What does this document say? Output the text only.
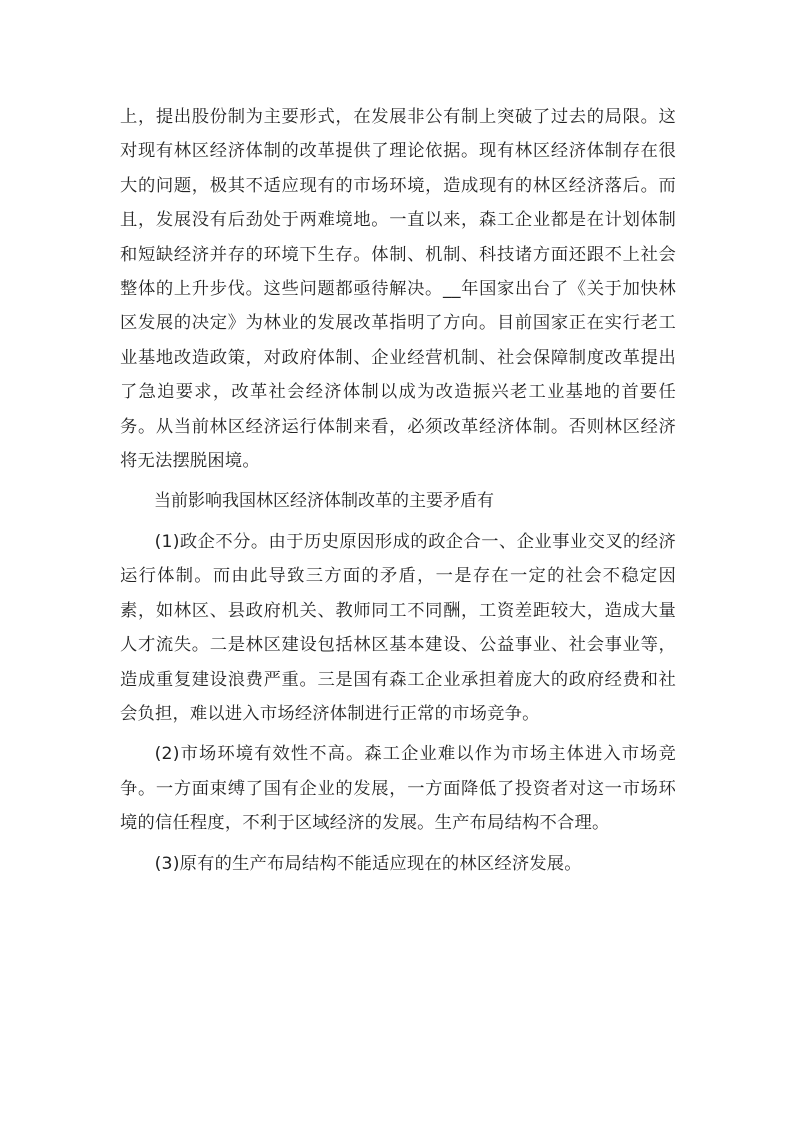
上，提出股份制为主要形式，在发展非公有制上突破了过去的局限。这对现有林区经济体制的改革提供了理论依据。现有林区经济体制存在很大的问题，极其不适应现有的市场环境，造成现有的林区经济落后。而且，发展没有后劲处于两难境地。一直以来，森工企业都是在计划体制和短缺经济并存的环境下生存。体制、机制、科技诸方面还跟不上社会整体的上升步伐。这些问题都亟待解决。__年国家出台了《关于加快林区发展的决定》为林业的发展改革指明了方向。目前国家正在实行老工业基地改造政策，对政府体制、企业经营机制、社会保障制度改革提出了急迫要求，改革社会经济体制以成为改造振兴老工业基地的首要任务。从当前林区经济运行体制来看，必须改革经济体制。否则林区经济将无法摆脱困境。

当前影响我国林区经济体制改革的主要矛盾有

(1)政企不分。由于历史原因形成的政企合一、企业事业交叉的经济运行体制。而由此导致三方面的矛盾，一是存在一定的社会不稳定因素，如林区、县政府机关、教师同工不同酬，工资差距较大，造成大量人才流失。二是林区建设包括林区基本建设、公益事业、社会事业等，造成重复建设浪费严重。三是国有森工企业承担着庞大的政府经费和社会负担，难以进入市场经济体制进行正常的市场竞争。

(2)市场环境有效性不高。森工企业难以作为市场主体进入市场竞争。一方面束缚了国有企业的发展，一方面降低了投资者对这一市场环境的信任程度，不利于区域经济的发展。生产布局结构不合理。

(3)原有的生产布局结构不能适应现在的林区经济发展。
